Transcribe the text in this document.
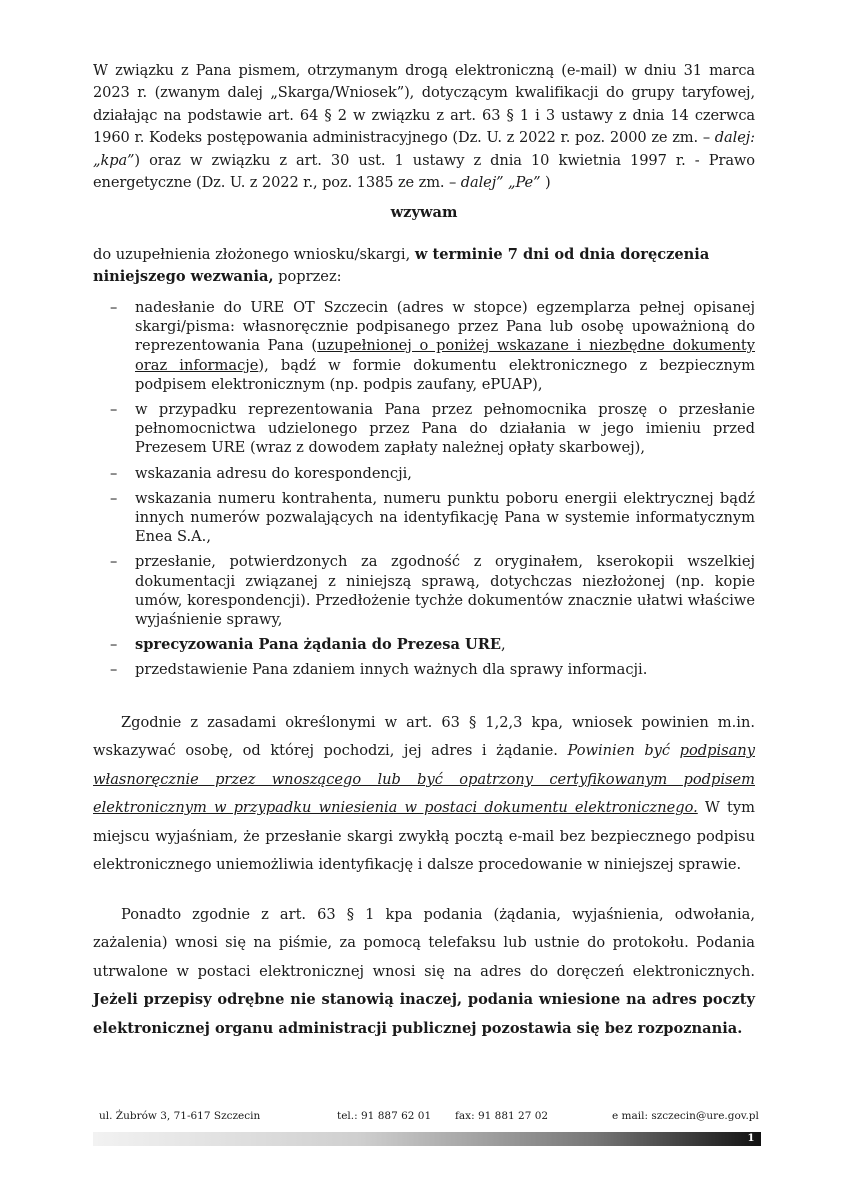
W związku z Pana pismem, otrzymanym drogą elektroniczną (e-mail) w dniu 31 marca 2023 r. (zwanym dalej „Skarga/Wniosek”), dotyczącym kwalifikacji do grupy taryfowej, działając na podstawie art. 64 § 2 w związku z art. 63 § 1 i 3 ustawy z dnia 14 czerwca 1960 r. Kodeks postępowania administracyjnego (Dz. U. z 2022 r. poz. 2000 ze zm. – dalej: „kpa”) oraz w związku z art. 30 ust. 1 ustawy z dnia 10 kwietnia 1997 r. - Prawo energetyczne (Dz. U. z 2022 r., poz. 1385 ze zm. – dalej” „Pe” )

wzywam

do uzupełnienia złożonego wniosku/skargi, w terminie 7 dni od dnia doręczenia niniejszego wezwania, poprzez:

– nadesłanie do URE OT Szczecin (adres w stopce) egzemplarza pełnej opisanej skargi/pisma: własnoręcznie podpisanego przez Pana lub osobę upoważnioną do reprezentowania Pana (uzupełnionej o poniżej wskazane i niezbędne dokumenty oraz informacje), bądź w formie dokumentu elektronicznego z bezpiecznym podpisem elektronicznym (np. podpis zaufany, ePUAP),
– w przypadku reprezentowania Pana przez pełnomocnika proszę o przesłanie pełnomocnictwa udzielonego przez Pana do działania w jego imieniu przed Prezesem URE (wraz z dowodem zapłaty należnej opłaty skarbowej),
– wskazania adresu do korespondencji,
– wskazania numeru kontrahenta, numeru punktu poboru energii elektrycznej bądź innych numerów pozwalających na identyfikację Pana w systemie informatycznym Enea S.A.,
– przesłanie, potwierdzonych za zgodność z oryginałem, kserokopii wszelkiej dokumentacji związanej z niniejszą sprawą, dotychczas niezłożonej (np. kopie umów, korespondencji). Przedłożenie tychże dokumentów znacznie ułatwi właściwe wyjaśnienie sprawy,
– sprecyzowania Pana żądania do Prezesa URE,
– przedstawienie Pana zdaniem innych ważnych dla sprawy informacji.

Zgodnie z zasadami określonymi w art. 63 § 1,2,3 kpa, wniosek powinien m.in. wskazywać osobę, od której pochodzi, jej adres i żądanie. Powinien być podpisany własnoręcznie przez wnoszącego lub być opatrzony certyfikowanym podpisem elektronicznym w przypadku wniesienia w postaci dokumentu elektronicznego. W tym miejscu wyjaśniam, że przesłanie skargi zwykłą pocztą e-mail bez bezpiecznego podpisu elektronicznego uniemożliwia identyfikację i dalsze procedowanie w niniejszej sprawie.

Ponadto zgodnie z art. 63 § 1 kpa podania (żądania, wyjaśnienia, odwołania, zażalenia) wnosi się na piśmie, za pomocą telefaksu lub ustnie do protokołu. Podania utrwalone w postaci elektronicznej wnosi się na adres do doręczeń elektronicznych. Jeżeli przepisy odrębne nie stanowią inaczej, podania wniesione na adres poczty elektronicznej organu administracji publicznej pozostawia się bez rozpoznania.

ul. Żubrów 3, 71-617 Szczecin	tel.: 91 887 62 01 fax: 91 881 27 02	e mail: szczecin@ure.gov.pl
1
